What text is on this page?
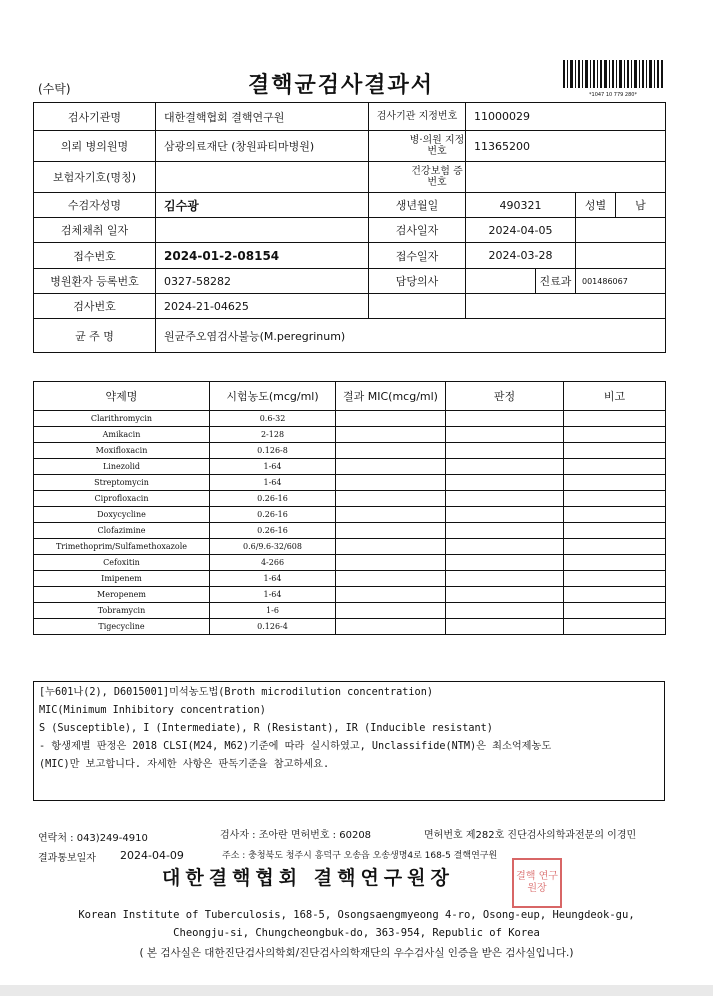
(수탁)	결핵균검사결과서	*1047 10 779 280*
검사기관명	대한결핵협회 결핵연구원	검사기관 지정번호	11000029			
의뢰 병의원명	삼광의료재단 (창원파티마병원)	병·의원 지정번호	11365200			
보험자기호(명칭)		건강보험 증번호				
수검자성명	김수광	생년월일	490321		성별	남
검체채취 일자		검사일자	2024-04-05			
접수번호	2024-01-2-08154	접수일자	2024-03-28			
병원환자 등록번호	0327-58282	담당의사		진료과	001486067	
검사번호	2024-21-04625					
균 주 명	원균주오염검사불능(M.peregrinum)					
약제명	시험농도(mcg/ml)	결과 MIC(mcg/ml)	판정	비고
Clarithromycin	0.6-32			
Amikacin	2-128			
Moxifloxacin	0.126-8			
Linezolid	1-64			
Streptomycin	1-64			
Ciprofloxacin	0.26-16			
Doxycycline	0.26-16			
Clofazimine	0.26-16			
Trimethoprim/Sulfamethoxazole	0.6/9.6-32/608			
Cefoxitin	4-266			
Imipenem	1-64			
Meropenem	1-64			
Tobramycin	1-6			
Tigecycline	0.126-4			
[누601나(2), D6015001]미석농도법(Broth microdilution concentration)
MIC(Minimum Inhibitory concentration)
S (Susceptible), I (Intermediate), R (Resistant), IR (Inducible resistant)
- 항생제별 판정은 2018 CLSI(M24, M62)기준에 따라 실시하였고, Unclassifide(NTM)은 최소억제농도
(MIC)만 보고합니다. 자세한 사항은 판독기준을 참고하세요.
연락처 : 043)249-4910	검사자 : 조아란 면허번호 : 60208	면허번호 제282호 진단검사의학과전문의 이경민
결과통보일자 2024-04-09	주소 : 충청북도 청주시 흥덕구 오송읍 오송생명4로 168-5 결핵연구원
대한결핵협회 결핵연구원장	결핵 연구 원장
Korean Institute of Tuberculosis, 168-5, Osongsaengmyeong 4-ro, Osong-eup, Heungdeok-gu,
Cheongju-si, Chungcheongbuk-do, 363-954, Republic of Korea
( 본 검사실은 대한진단검사의학회/진단검사의학재단의 우수검사실 인증을 받은 검사실입니다.)
